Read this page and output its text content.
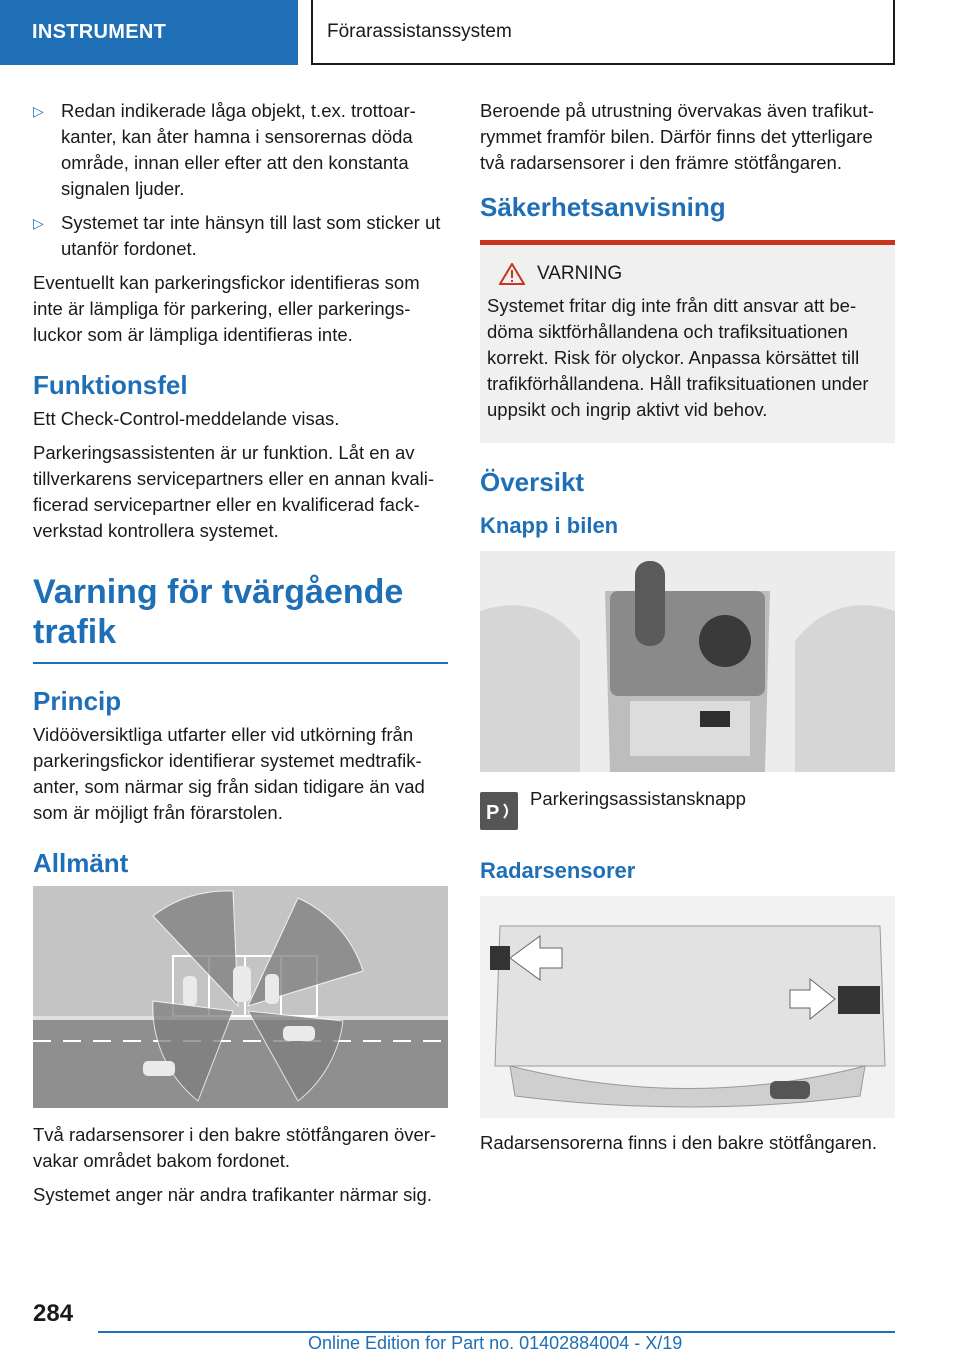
INSTRUMENT	Förarassistanssystem
▷ Redan indikerade låga objekt, t.ex. trottoar-kanter, kan åter hamna i sensorernas döda område, innan eller efter att den konstanta signalen ljuder.
▷ Systemet tar inte hänsyn till last som sticker ut utanför fordonet.

Eventuellt kan parkeringsfickor identifieras som inte är lämpliga för parkering, eller parkerings-luckor som är lämpliga identifieras inte.

Funktionsfel

Ett Check-Control-meddelande visas.

Parkeringsassistenten är ur funktion. Låt en av tillverkarens servicepartners eller en annan kvali-ficerad servicepartner eller en kvalificerad fack-verkstad kontrollera systemet.

Varning för tvärgående trafik
Princip

Vidööversiktliga utfarter eller vid utkörning från parkeringsfickor identifierar systemet medtrafik-anter, som närmar sig från sidan tidigare än vad som är möjligt från förarstolen.

Allmänt

Två radarsensorer i den bakre stötfångaren över-vakar området bakom fordonet.

Systemet anger när andra trafikanter närmar sig.

Beroende på utrustning övervakas även trafikut-rymmet framför bilen. Därför finns det ytterligare två radarsensorer i den främre stötfångaren.

Säkerhetsanvisning
VARNING

Systemet fritar dig inte från ditt ansvar att be-döma siktförhållandena och trafiksituationen korrekt. Risk för olyckor. Anpassa körsättet till trafikförhållandena. Håll trafiksituationen under uppsikt och ingrip aktivt vid behov.

Översikt
Knapp i bilen
P
Parkeringsassistansknapp
Radarsensorer

Radarsensorerna finns i den bakre stötfångaren.

284
Online Edition for Part no. 01402884004 - X/19
